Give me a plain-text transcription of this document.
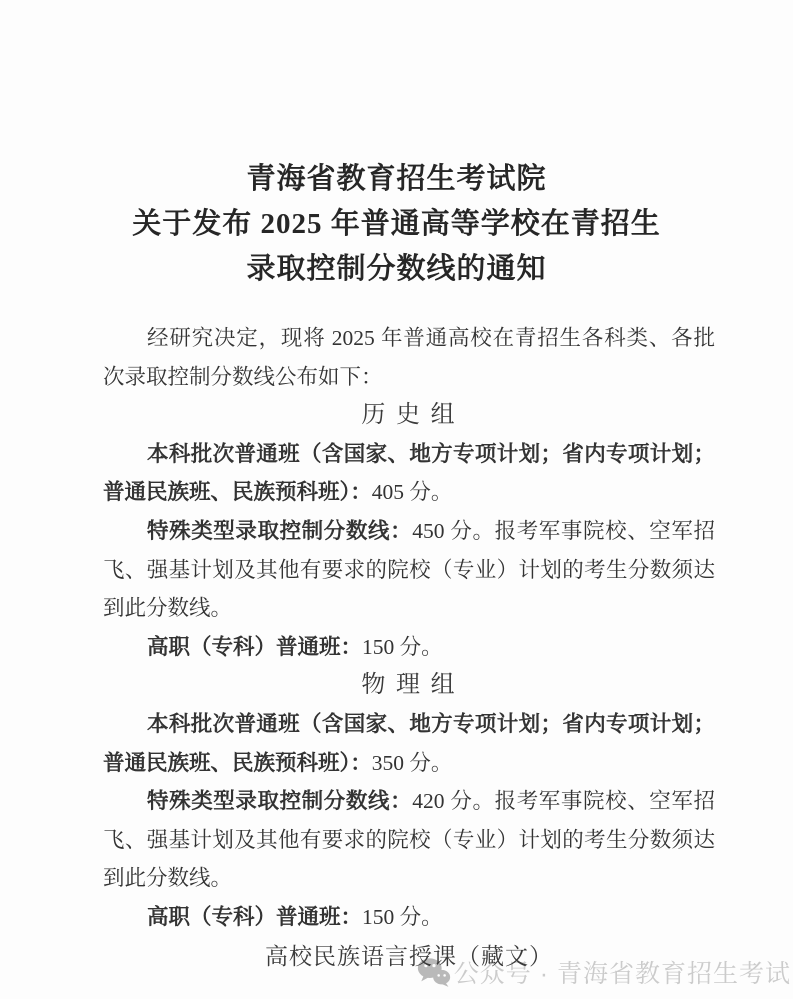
青海省教育招生考试院
关于发布 2025 年普通高等学校在青招生
录取控制分数线的通知
经研究决定，现将 2025 年普通高校在青招生各科类、各批
次录取控制分数线公布如下：
历 史 组
本科批次普通班（含国家、地方专项计划；省内专项计划；
普通民族班、民族预科班）：405 分。
特殊类型录取控制分数线：450 分。报考军事院校、空军招
飞、强基计划及其他有要求的院校（专业）计划的考生分数须达
到此分数线。
高职（专科）普通班：150 分。
物 理 组
本科批次普通班（含国家、地方专项计划；省内专项计划；
普通民族班、民族预科班）：350 分。
特殊类型录取控制分数线：420 分。报考军事院校、空军招
飞、强基计划及其他有要求的院校（专业）计划的考生分数须达
到此分数线。
高职（专科）普通班：150 分。
高校民族语言授课（藏文）
公众号 · 青海省教育招生考试
